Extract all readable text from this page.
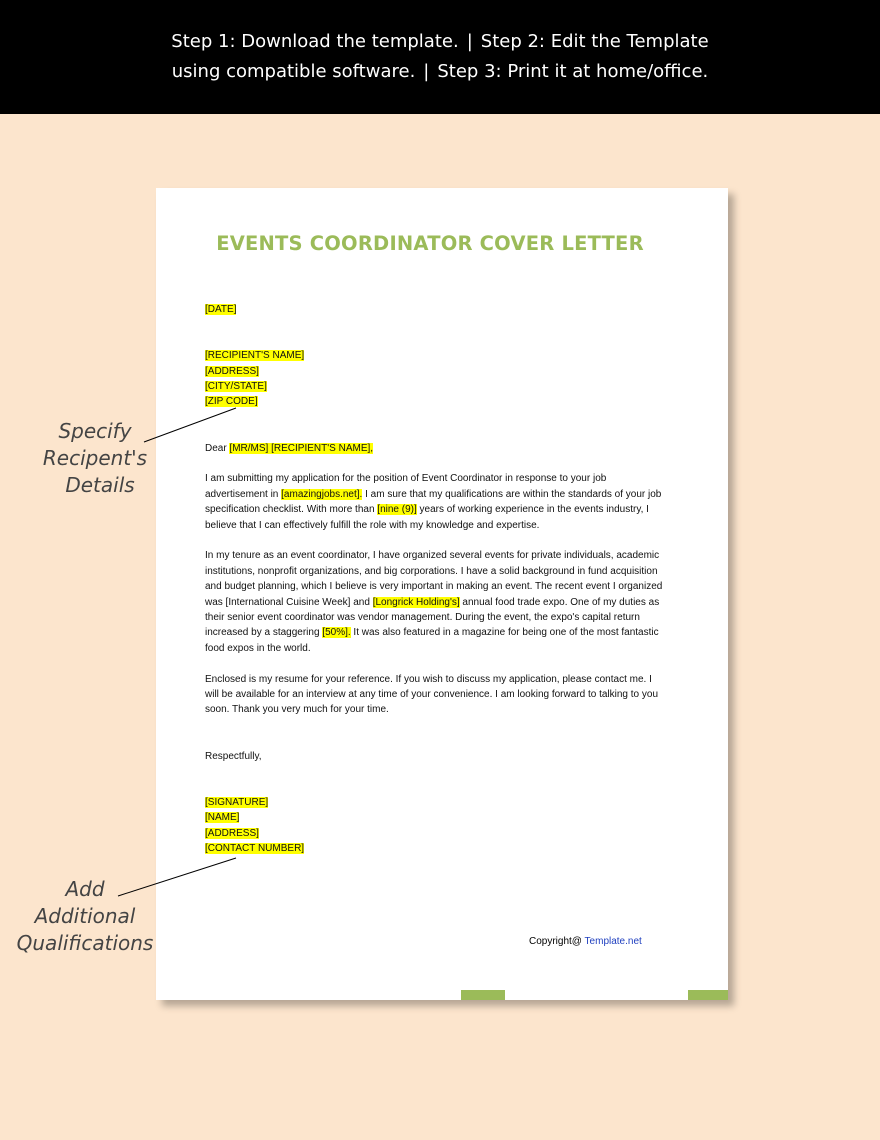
Step 1: Download the template. | Step 2: Edit the Template
using compatible software. | Step 3: Print it at home/office.
EVENTS COORDINATOR COVER LETTER

[DATE]

[RECIPIENT'S NAME]

[ADDRESS]

[CITY/STATE]

[ZIP CODE]

Dear [MR/MS] [RECIPIENT'S NAME],

I am submitting my application for the position of Event Coordinator in response to your job advertisement in [amazingjobs.net]. I am sure that my qualifications are within the standards of your job specification checklist. With more than [nine (9)] years of working experience in the events industry, I believe that I can effectively fulfill the role with my knowledge and expertise.

In my tenure as an event coordinator, I have organized several events for private individuals, academic institutions, nonprofit organizations, and big corporations. I have a solid background in fund acquisition and budget planning, which I believe is very important in making an event. The recent event I organized was [International Cuisine Week] and [Longrick Holding's] annual food trade expo. One of my duties as their senior event coordinator was vendor management. During the event, the expo's capital return increased by a staggering [50%]. It was also featured in a magazine for being one of the most fantastic food expos in the world.

Enclosed is my resume for your reference. If you wish to discuss my application, please contact me. I will be available for an interview at any time of your convenience. I am looking forward to talking to you soon. Thank you very much for your time.

Respectfully,

[SIGNATURE]

[NAME]

[ADDRESS]

[CONTACT NUMBER]

Copyright@ Template.net
Specify
Recipent's
Details
Add
Additional
Qualifications
